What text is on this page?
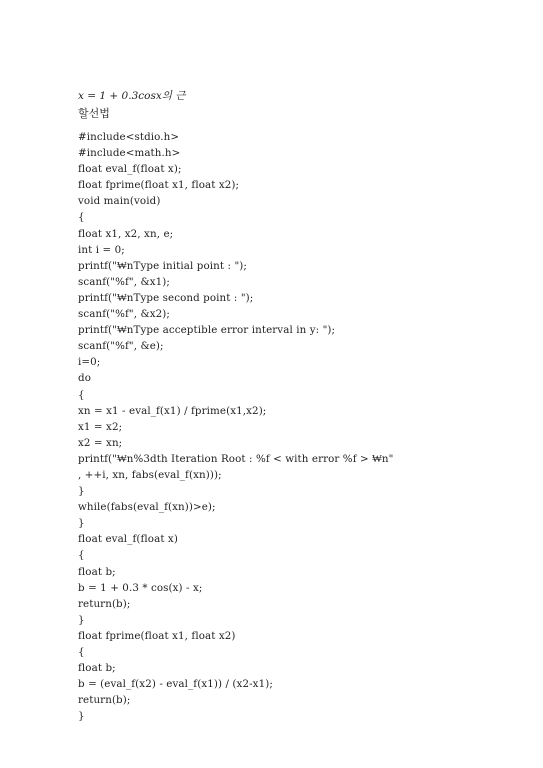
x = 1 + 0.3cosx의 근
할선법
#include<stdio.h>
#include<math.h>
float eval_f(float x);
float fprime(float x1, float x2);
void main(void)
{
float x1, x2, xn, e;
int i = 0;
printf("₩nType initial point : ");
scanf("%f", &x1);
printf("₩nType second point : ");
scanf("%f", &x2);
printf("₩nType acceptible error interval in y: ");
scanf("%f", &e);
i=0;
do
{
xn = x1 - eval_f(x1) / fprime(x1,x2);
x1 = x2;
x2 = xn;
printf("₩n%3dth Iteration Root : %f < with error %f > ₩n"
, ++i, xn, fabs(eval_f(xn)));
}
while(fabs(eval_f(xn))>e);
}
float eval_f(float x)
{
float b;
b = 1 + 0.3 * cos(x) - x;
return(b);
}
float fprime(float x1, float x2)
{
float b;
b = (eval_f(x2) - eval_f(x1)) / (x2-x1);
return(b);
}
